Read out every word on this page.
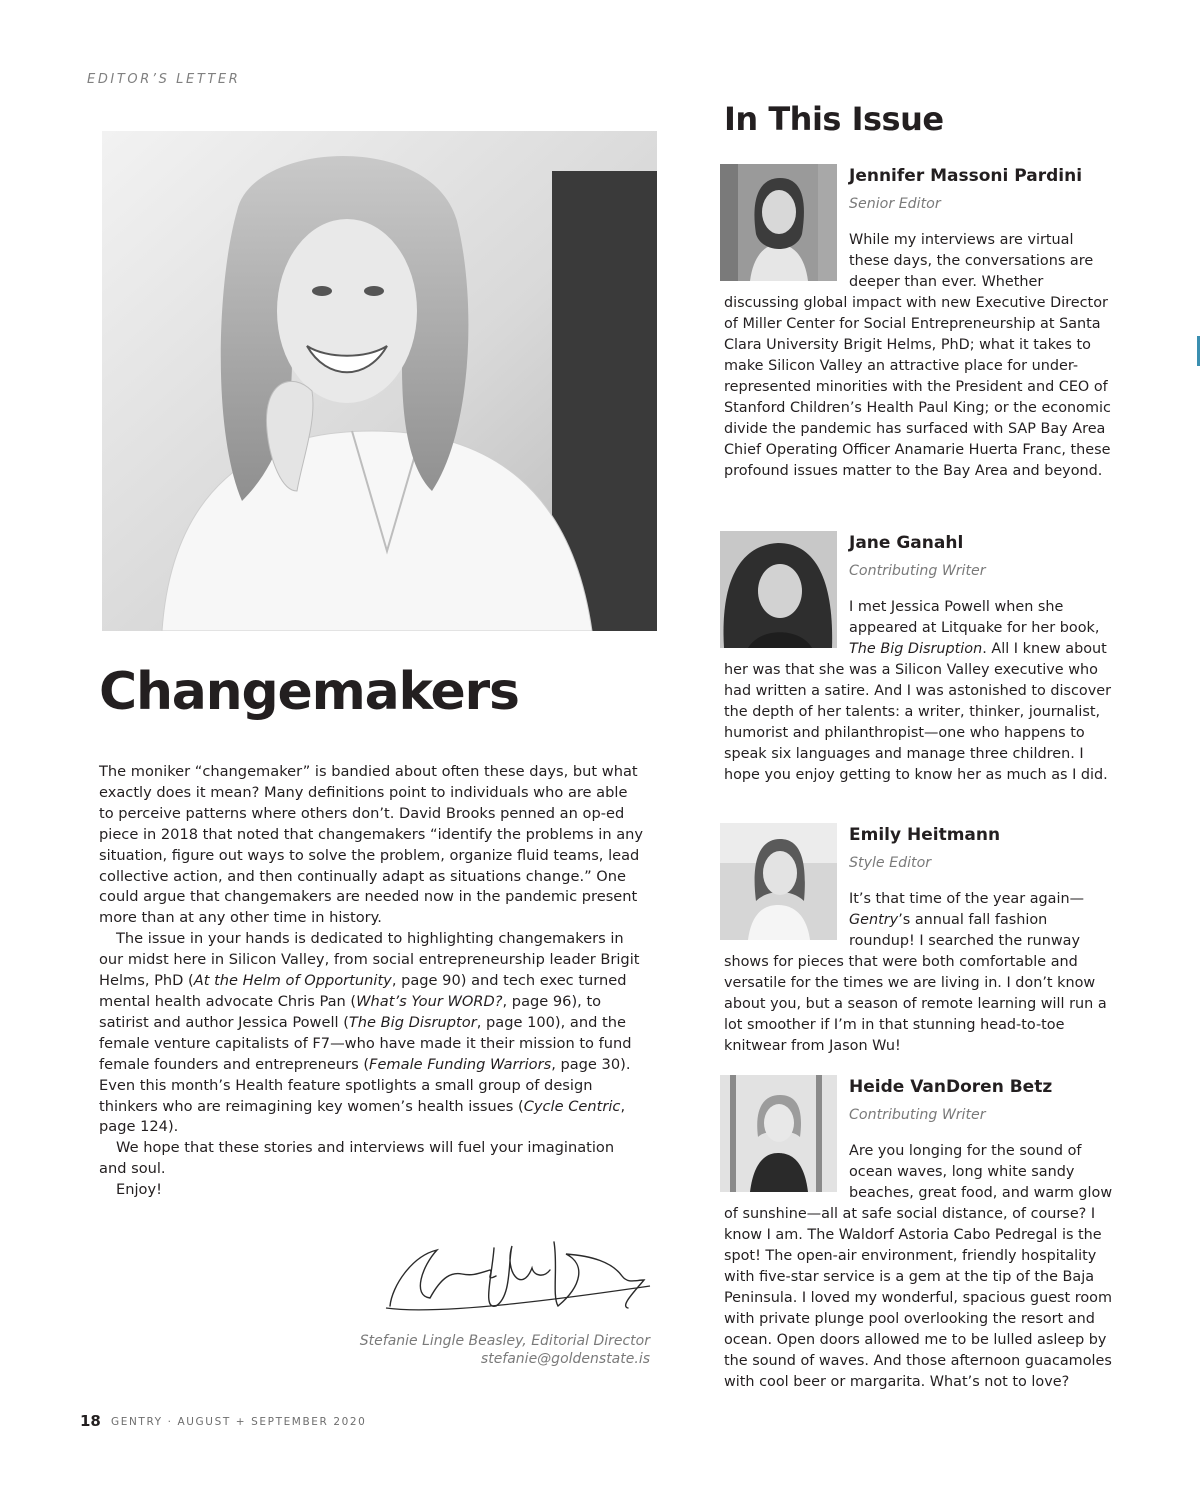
EDITOR’S LETTER
Changemakers

The moniker “changemaker” is bandied about often these days, but what exactly does it mean? Many definitions point to individuals who are able to perceive patterns where others don’t. David Brooks penned an op-ed piece in 2018 that noted that changemakers “identify the problems in any situation, figure out ways to solve the problem, organize fluid teams, lead collective action, and then continually adapt as situations change.” One could argue that changemakers are needed now in the pandemic present more than at any other time in history.

The issue in your hands is dedicated to highlighting changemakers in our midst here in Silicon Valley, from social entrepreneurship leader Brigit Helms, PhD (At the Helm of Opportunity, page 90) and tech exec turned mental health advocate Chris Pan (What’s Your WORD?, page 96), to satirist and author Jessica Powell (The Big Disruptor, page 100), and the female venture capitalists of F7—who have made it their mission to fund female founders and entrepreneurs (Female Funding Warriors, page 30). Even this month’s Health feature spotlights a small group of design thinkers who are reimagining key women’s health issues (Cycle Centric, page 124).

We hope that these stories and interviews will fuel your imagination and soul.

Enjoy!

Stefanie Lingle Beasley, Editorial Director
stefanie@goldenstate.is
18 GENTRY · AUGUST + SEPTEMBER 2020
In This Issue
Jennifer Massoni Pardini
Senior Editor

While my interviews are virtual these days, the conversations are deeper than ever. Whether discussing global impact with new Executive Director of Miller Center for Social Entrepreneurship at Santa Clara University Brigit Helms, PhD; what it takes to make Silicon Valley an attractive place for under-represented minorities with the President and CEO of Stanford Children’s Health Paul King; or the economic divide the pandemic has surfaced with SAP Bay Area Chief Operating Officer Anamarie Huerta Franc, these profound issues matter to the Bay Area and beyond.

Jane Ganahl
Contributing Writer

I met Jessica Powell when she appeared at Litquake for her book, The Big Disruption. All I knew about her was that she was a Silicon Valley executive who had written a satire. And I was astonished to discover the depth of her talents: a writer, thinker, journalist, humorist and philanthropist—one who happens to speak six languages and manage three children. I hope you enjoy getting to know her as much as I did.

Emily Heitmann
Style Editor

It’s that time of the year again—Gentry’s annual fall fashion roundup! I searched the runway shows for pieces that were both comfortable and versatile for the times we are living in. I don’t know about you, but a season of remote learning will run a lot smoother if I’m in that stunning head-to-toe knitwear from Jason Wu!

Heide VanDoren Betz
Contributing Writer

Are you longing for the sound of ocean waves, long white sandy beaches, great food, and warm glow of sunshine—all at safe social distance, of course? I know I am. The Waldorf Astoria Cabo Pedregal is the spot! The open-air environment, friendly hospitality with five-star service is a gem at the tip of the Baja Peninsula. I loved my wonderful, spacious guest room with private plunge pool overlooking the resort and ocean. Open doors allowed me to be lulled asleep by the sound of waves. And those afternoon guacamoles with cool beer or margarita. What’s not to love?
